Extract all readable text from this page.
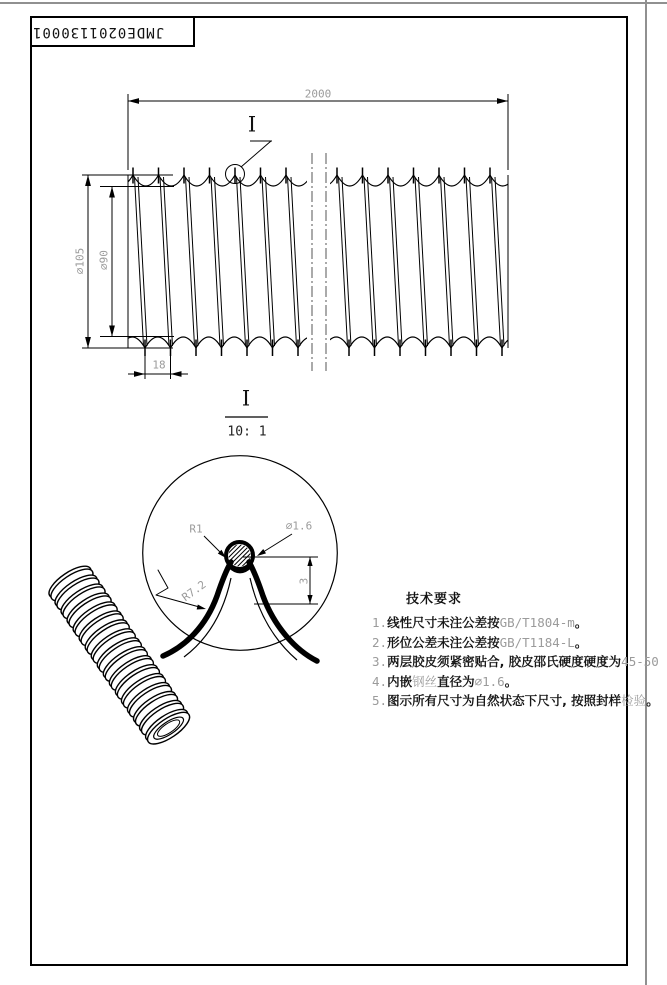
JMDE0201130001
2000
∅105 ∅90
18
I
I
10: 1
R1	∅1.6
3
R7.2	技术要求
1.线性尺寸未注公差按GB/T1804-m。
2.形位公差未注公差按GB/T1184-L。
3.两层胶皮须紧密贴合, 胶皮邵氏硬度硬度为45-50
4.内嵌钢丝直径为∅1.6。
5.图示所有尺寸为自然状态下尺寸, 按照封样检验。
